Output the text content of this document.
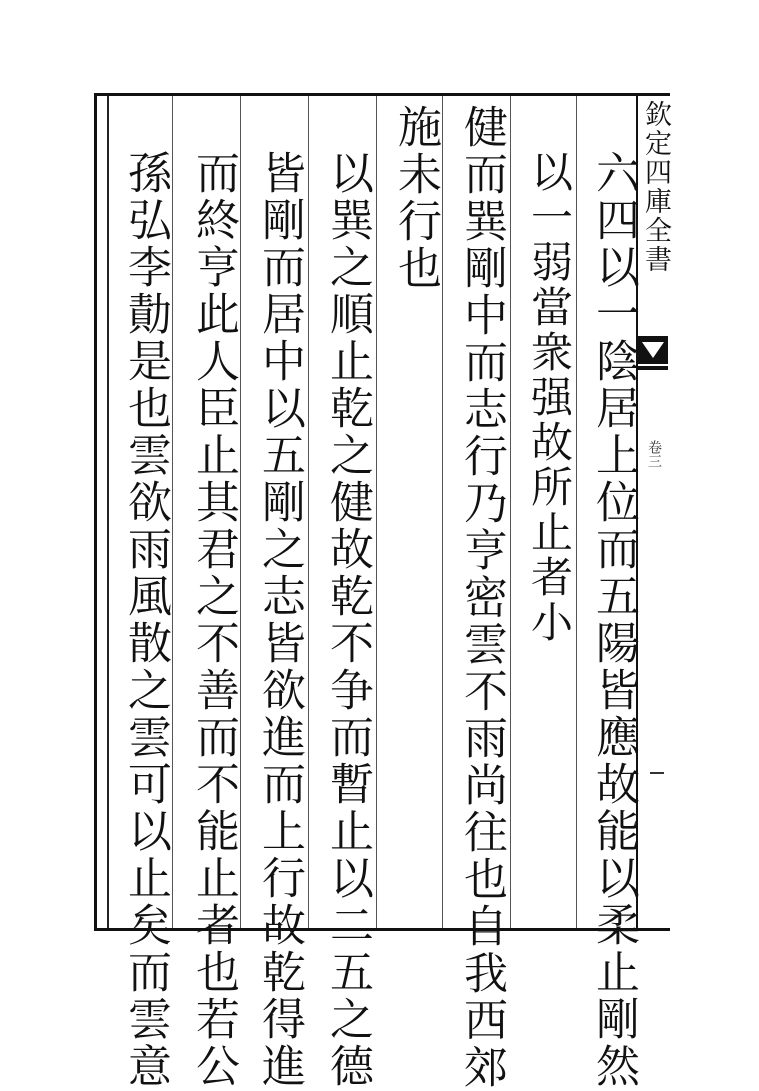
欽定四庫全書
卷三
六四以一陰居上位而五陽皆應故能以柔止剛然
以一弱當衆强故所止者小
健而巽剛中而志行乃亨密雲不雨尚往也自我西郊
施未行也
以巽之順止乾之健故乾不争而暫止以二五之德
皆剛而居中以五剛之志皆欲進而上行故乾得進
而終亨此人臣止其君之不善而不能止者也若公
孫弘李勣是也雲欲雨風散之雲可以止矣而雲意
